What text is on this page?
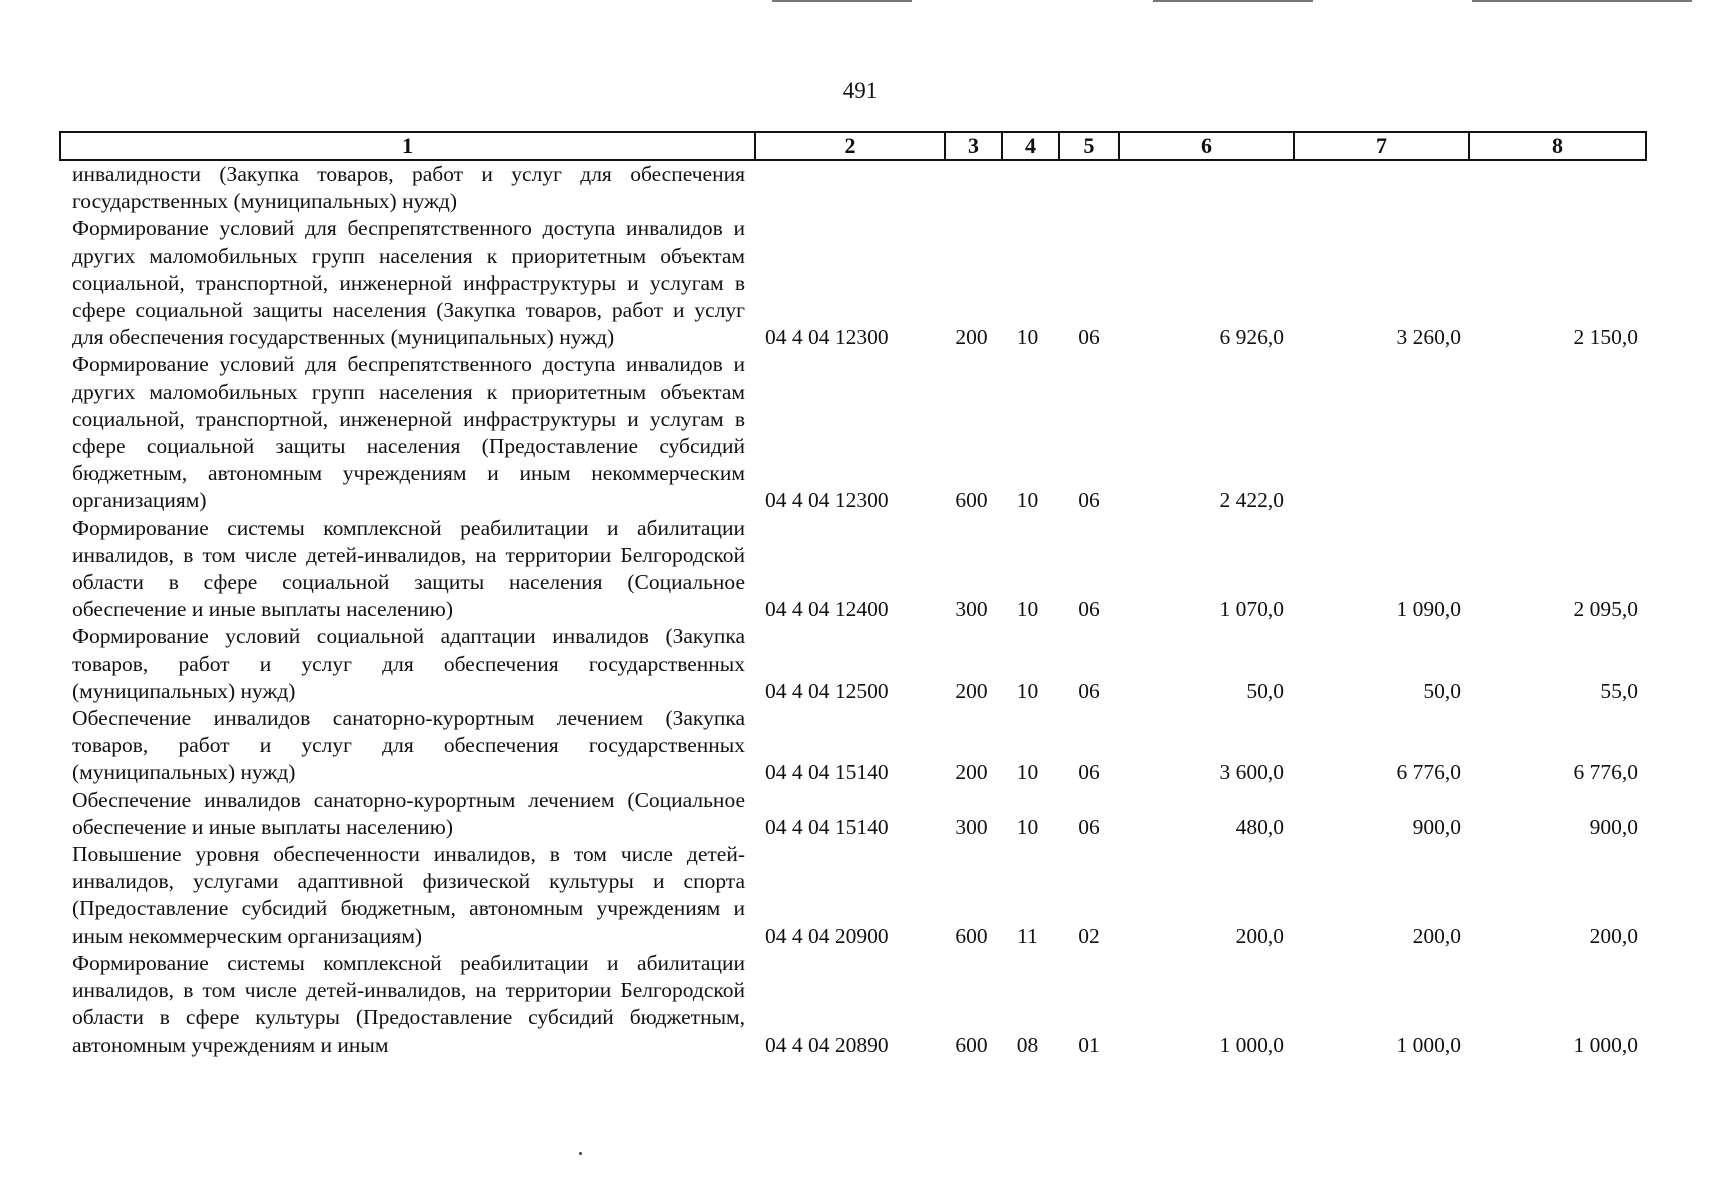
491
1	2	3	4	5	6	7	8
инвалидности (Закупка товаров, работ и услуг для обеспечения государственных (муниципальных) нужд)							
Формирование условий для беспрепятственного доступа инвалидов и других маломобильных групп населения к приоритетным объектам социальной, транспортной, инженерной инфраструктуры и услугам в сфере социальной защиты населения (Закупка товаров, работ и услуг для обеспечения государственных (муниципальных) нужд)	04 4 04 12300	200	10	06	6 926,0	3 260,0	2 150,0
Формирование условий для беспрепятственного доступа инвалидов и других маломобильных групп населения к приоритетным объектам социальной, транспортной, инженерной инфраструктуры и услугам в сфере социальной защиты населения (Предоставление субсидий бюджетным, автономным учреждениям и иным некоммерческим организациям)	04 4 04 12300	600	10	06	2 422,0		
Формирование системы комплексной реабилитации и абилитации инвалидов, в том числе детей-инвалидов, на территории Белгородской области в сфере социальной защиты населения (Социальное обеспечение и иные выплаты населению)	04 4 04 12400	300	10	06	1 070,0	1 090,0	2 095,0
Формирование условий социальной адаптации инвалидов (Закупка товаров, работ и услуг для обеспечения государственных (муниципальных) нужд)	04 4 04 12500	200	10	06	50,0	50,0	55,0
Обеспечение инвалидов санаторно-курортным лечением (Закупка товаров, работ и услуг для обеспечения государственных (муниципальных) нужд)	04 4 04 15140	200	10	06	3 600,0	6 776,0	6 776,0
Обеспечение инвалидов санаторно-курортным лечением (Социальное обеспечение и иные выплаты населению)	04 4 04 15140	300	10	06	480,0	900,0	900,0
Повышение уровня обеспеченности инвалидов, в том числе детей-инвалидов, услугами адаптивной физической культуры и спорта (Предоставление субсидий бюджетным, автономным учреждениям и иным некоммерческим организациям)	04 4 04 20900	600	11	02	200,0	200,0	200,0
Формирование системы комплексной реабилитации и абилитации инвалидов, в том числе детей-инвалидов, на территории Белгородской области в сфере культуры (Предоставление субсидий бюджетным, автономным учреждениям и иным	04 4 04 20890	600	08	01	1 000,0	1 000,0	1 000,0
